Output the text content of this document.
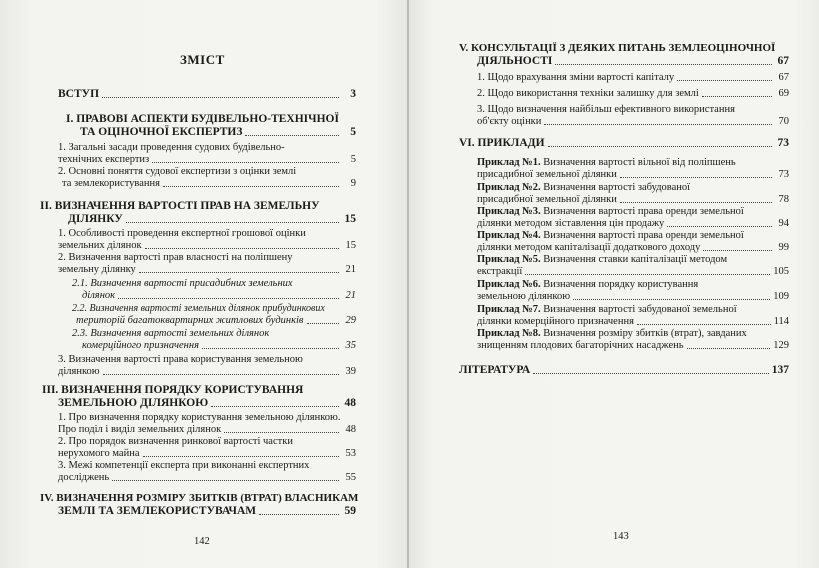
ЗМІСТ
ВСТУП	3
І. ПРАВОВІ АСПЕКТИ БУДІВЕЛЬНО-ТЕХНІЧНОЇ
ТА ОЦІНОЧНОЇ ЕКСПЕРТИЗ	5
1. Загальні засади проведення судових будівельно-
технічних експертиз	5
2. Основні поняття судової експертизи з оцінки землі
та землекористування	9
ІІ. ВИЗНАЧЕННЯ ВАРТОСТІ ПРАВ НА ЗЕМЕЛЬНУ
ДІЛЯНКУ	15
1. Особливості проведення експертної грошової оцінки
земельних ділянок	15
2. Визначення вартості прав власності на поліпшену
земельну ділянку	21
2.1. Визначення вартості присадибних земельних
ділянок	21
2.2. Визначення вартості земельних ділянок прибудинкових
територій багатоквартирних житлових будинків	29
2.3. Визначення вартості земельних ділянок
комерційного призначення	35
3. Визначення вартості права користування земельною
ділянкою	39
ІІІ. ВИЗНАЧЕННЯ ПОРЯДКУ КОРИСТУВАННЯ
ЗЕМЕЛЬНОЮ ДІЛЯНКОЮ	48
1. Про визначення порядку користування земельною ділянкою.
Про поділ і виділ земельних ділянок	48
2. Про порядок визначення ринкової вартості частки
нерухомого майна	53
3. Межі компетенції експерта при виконанні експертних
досліджень	55
IV. ВИЗНАЧЕННЯ РОЗМІРУ ЗБИТКІВ (ВТРАТ) ВЛАСНИКАМ
ЗЕМЛІ ТА ЗЕМЛЕКОРИСТУВАЧАМ	59
142
V. КОНСУЛЬТАЦІЇ З ДЕЯКИХ ПИТАНЬ ЗЕМЛЕОЦІНОЧНОЇ
ДІЯЛЬНОСТІ	67
1. Щодо врахування зміни вартості капіталу	67
2. Щодо використання техніки залишку для землі	69
3. Щодо визначення найбільш ефективного використання
об'єкту оцінки	70
VI. ПРИКЛАДИ	73
Приклад №1. Визначення вартості вільної від поліпшень
присадибної земельної ділянки	73
Приклад №2. Визначення вартості забудованої
присадибної земельної ділянки	78
Приклад №3. Визначення вартості права оренди земельної
ділянки методом зіставлення цін продажу	94
Приклад №4. Визначення вартості права оренди земельної
ділянки методом капіталізації додаткового доходу	99
Приклад №5. Визначення ставки капіталізації методом
екстракції	105
Приклад №6. Визначення порядку користування
земельною ділянкою	109
Приклад №7. Визначення вартості забудованої земельної
ділянки комерційного призначення	114
Приклад №8. Визначення розміру збитків (втрат), завданих
знищенням плодових багаторічних насаджень	129
ЛІТЕРАТУРА	137
143
